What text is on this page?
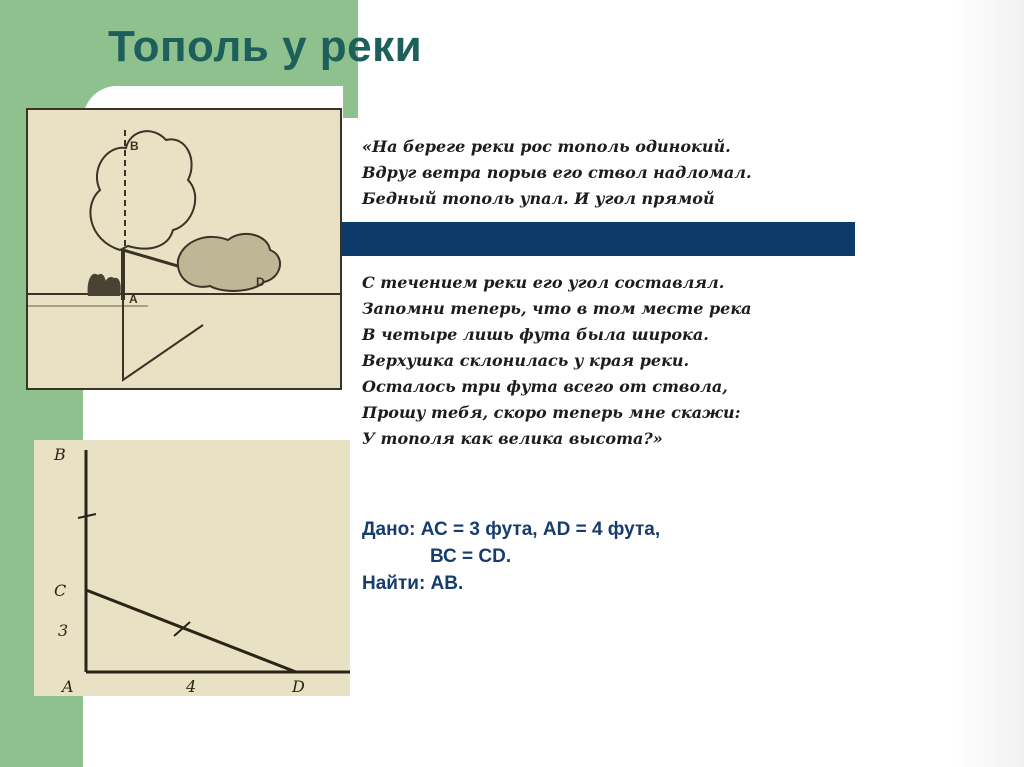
Тополь у реки
B
A
D
«На береге реки рос тополь одинокий.
Вдруг ветра порыв его ствол надломал.
Бедный тополь упал. И угол прямой
С течением реки его угол составлял.
Запомни теперь, что в том месте река
В четыре лишь фута была широка.
Верхушка склонилась у края реки.
Осталось три фута всего от ствола,
Прошу тебя, скоро теперь мне скажи:
У тополя как велика высота?»
B
C
3
A	4	D
Дано: АС = 3 фута, АD = 4 фута,
ВС = СD.
Найти: АВ.
